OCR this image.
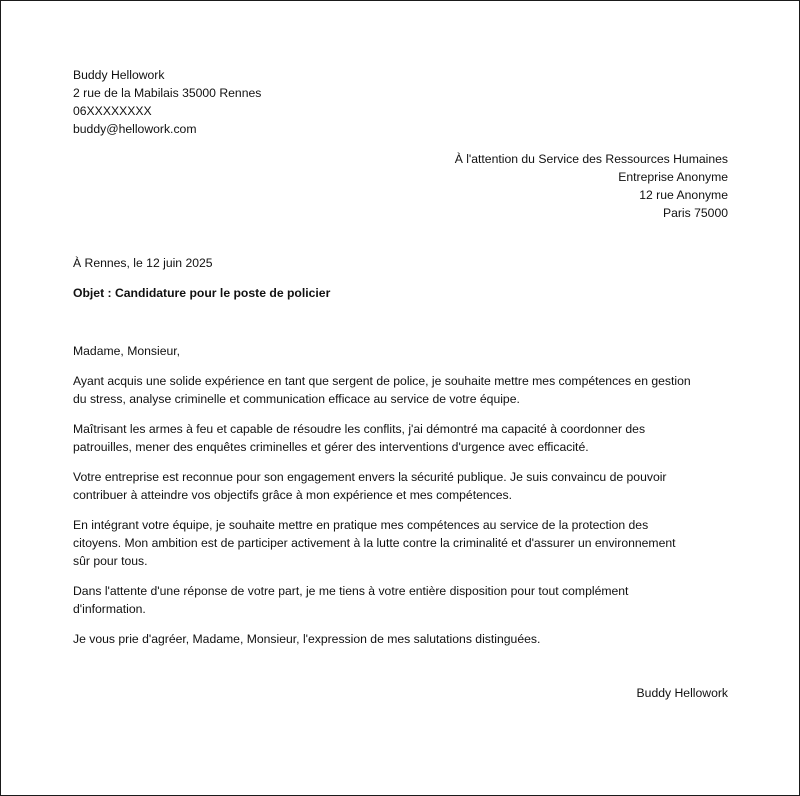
Buddy Hellowork
2 rue de la Mabilais 35000 Rennes
06XXXXXXXX
buddy@hellowork.com
À l'attention du Service des Ressources Humaines
Entreprise Anonyme
12 rue Anonyme
Paris 75000
À Rennes, le 12 juin 2025
Objet : Candidature pour le poste de policier
Madame, Monsieur,
Ayant acquis une solide expérience en tant que sergent de police, je souhaite mettre mes compétences en gestion
du stress, analyse criminelle et communication efficace au service de votre équipe.
Maîtrisant les armes à feu et capable de résoudre les conflits, j'ai démontré ma capacité à coordonner des
patrouilles, mener des enquêtes criminelles et gérer des interventions d'urgence avec efficacité.
Votre entreprise est reconnue pour son engagement envers la sécurité publique. Je suis convaincu de pouvoir
contribuer à atteindre vos objectifs grâce à mon expérience et mes compétences.
En intégrant votre équipe, je souhaite mettre en pratique mes compétences au service de la protection des
citoyens. Mon ambition est de participer activement à la lutte contre la criminalité et d'assurer un environnement
sûr pour tous.
Dans l'attente d'une réponse de votre part, je me tiens à votre entière disposition pour tout complément
d'information.
Je vous prie d'agréer, Madame, Monsieur, l'expression de mes salutations distinguées.
Buddy Hellowork
